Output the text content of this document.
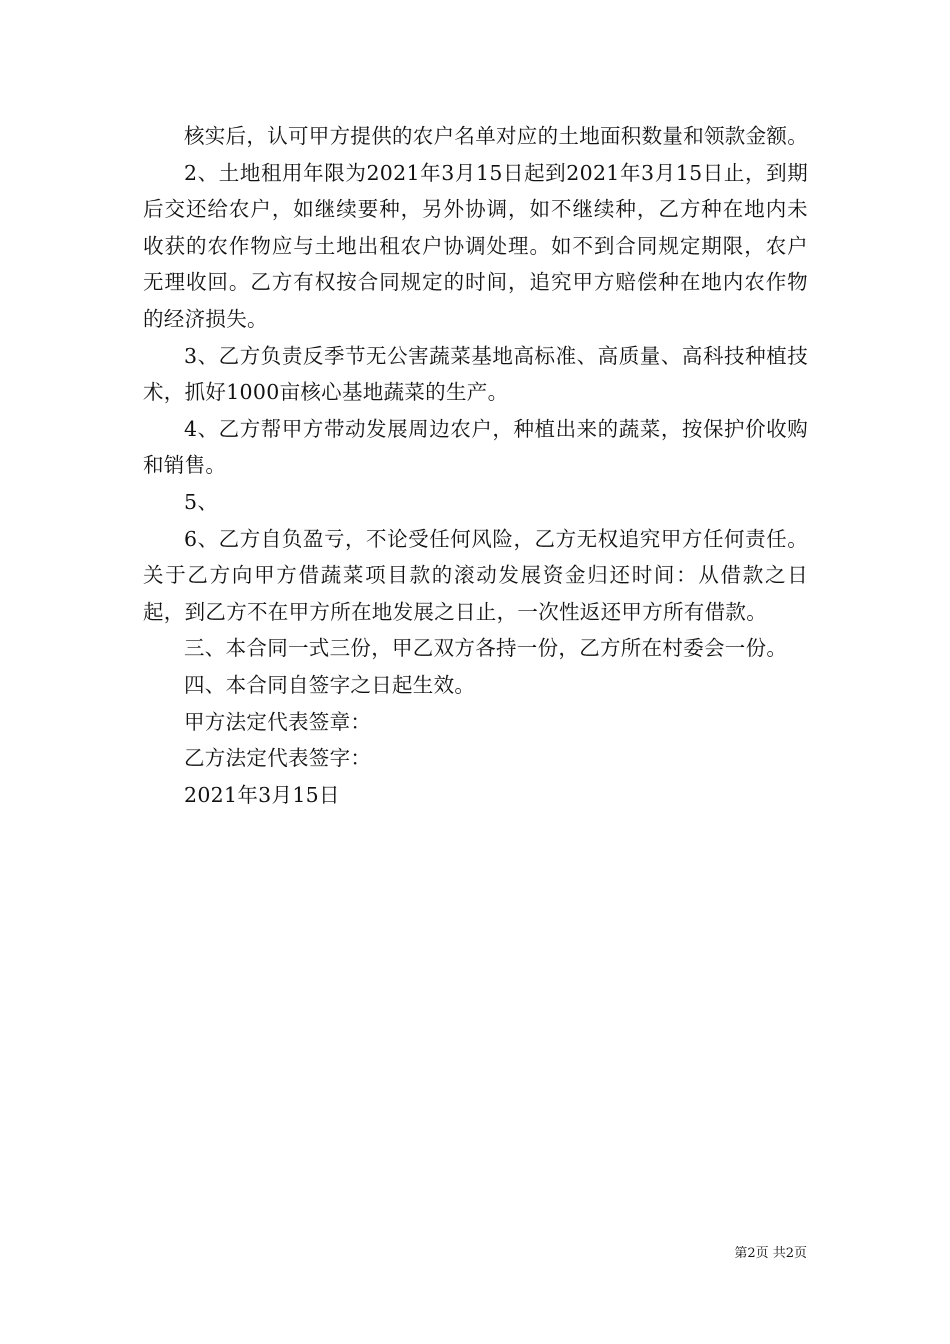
核实后，认可甲方提供的农户名单对应的土地面积数量和领款金额。

2、土地租用年限为2021年3月15日起到2021年3月15日止，到期后交还给农户，如继续要种，另外协调，如不继续种，乙方种在地内未收获的农作物应与土地出租农户协调处理。如不到合同规定期限，农户无理收回。乙方有权按合同规定的时间，追究甲方赔偿种在地内农作物的经济损失。

3、乙方负责反季节无公害蔬菜基地高标准、高质量、高科技种植技术，抓好1000亩核心基地蔬菜的生产。

4、乙方帮甲方带动发展周边农户，种植出来的蔬菜，按保护价收购和销售。

5、

6、乙方自负盈亏，不论受任何风险，乙方无权追究甲方任何责任。关于乙方向甲方借蔬菜项目款的滚动发展资金归还时间：从借款之日起，到乙方不在甲方所在地发展之日止，一次性返还甲方所有借款。

三、本合同一式三份，甲乙双方各持一份，乙方所在村委会一份。

四、本合同自签字之日起生效。

甲方法定代表签章：

乙方法定代表签字：

2021年3月15日

第2页 共2页
